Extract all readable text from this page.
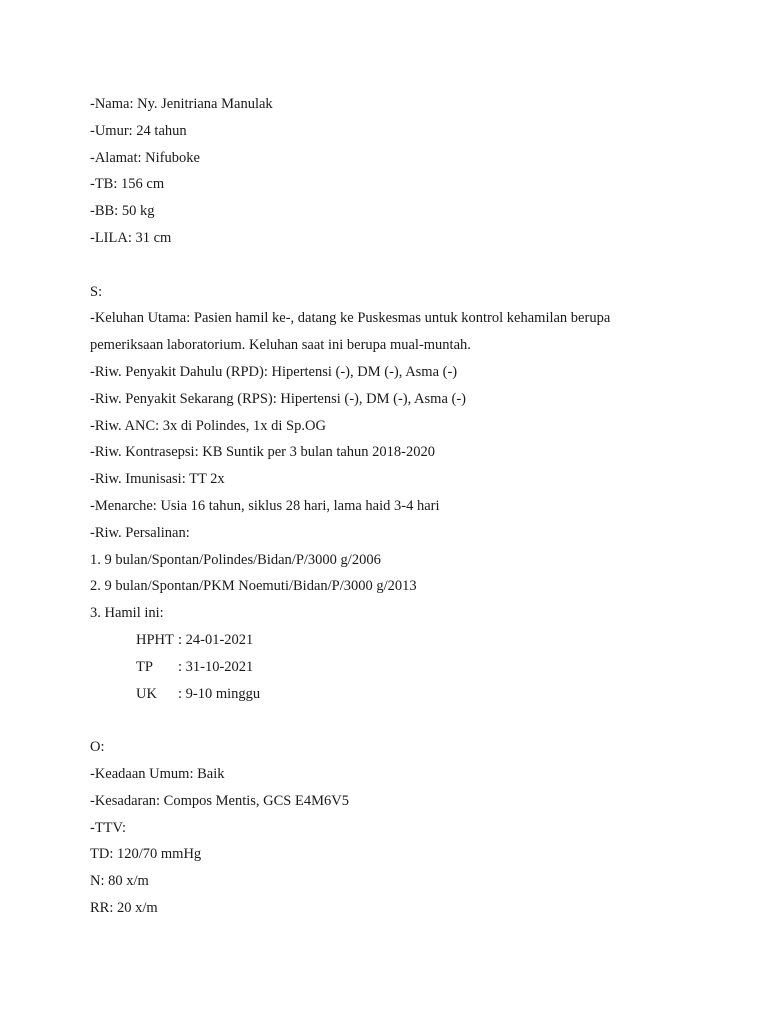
-Nama: Ny. Jenitriana Manulak
-Umur: 24 tahun
-Alamat: Nifuboke
-TB: 156 cm
-BB: 50 kg
-LILA: 31 cm
S:
-Keluhan Utama: Pasien hamil ke-, datang ke Puskesmas untuk kontrol kehamilan berupa
pemeriksaan laboratorium. Keluhan saat ini berupa mual-muntah.
-Riw. Penyakit Dahulu (RPD): Hipertensi (-), DM (-), Asma (-)
-Riw. Penyakit Sekarang (RPS): Hipertensi (-), DM (-), Asma (-)
-Riw. ANC: 3x di Polindes, 1x di Sp.OG
-Riw. Kontrasepsi: KB Suntik per 3 bulan tahun 2018-2020
-Riw. Imunisasi: TT 2x
-Menarche: Usia 16 tahun, siklus 28 hari, lama haid 3-4 hari
-Riw. Persalinan:
1. 9 bulan/Spontan/Polindes/Bidan/P/3000 g/2006
2. 9 bulan/Spontan/PKM Noemuti/Bidan/P/3000 g/2013
3. Hamil ini:
HPHT : 24-01-2021
TP : 31-10-2021
UK : 9-10 minggu
O:
-Keadaan Umum: Baik
-Kesadaran: Compos Mentis, GCS E4M6V5
-TTV:
TD: 120/70 mmHg
N: 80 x/m
RR: 20 x/m
